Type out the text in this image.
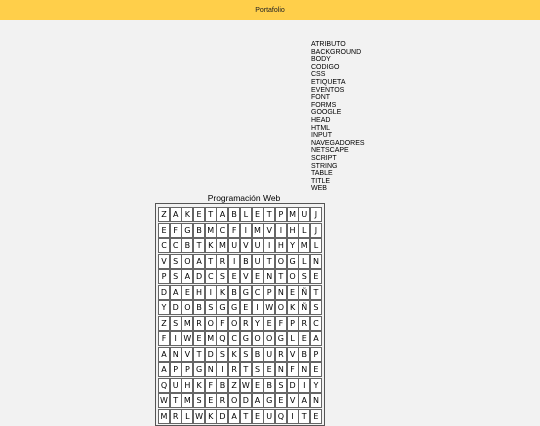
Portafolio
ATRIBUTO
BACKGROUND
BODY
CODIGO
CSS
ETIQUETA
EVENTOS
FONT
FORMS
GOOGLE
HEAD
HTML
INPUT
NAVEGADORES
NETSCAPE
SCRIPT
STRING
TABLE
TITLE
WEB
Programación Web
Z A K E T A B L E T P M U J
E F G B M C F	I M V I H L	J
C C B T K M U V U I H Y M L
V S O A T R I B U T O G L N
P S A D C S E V E N T O S E
D A E H I K B G C P N E Ñ T
Y D O B S G G E I W O K Ñ S
Z S M R O F O R Y E F P R C
F	I W E M Q C G O O G L E A
A N V T D S K S B U R V B P
A P P G N I R T S E N F N E
Q U H K F B Z W E B S D I	Y
W T M S E R O D A G E V A N
M R L W K D A T E U Q I	T E
